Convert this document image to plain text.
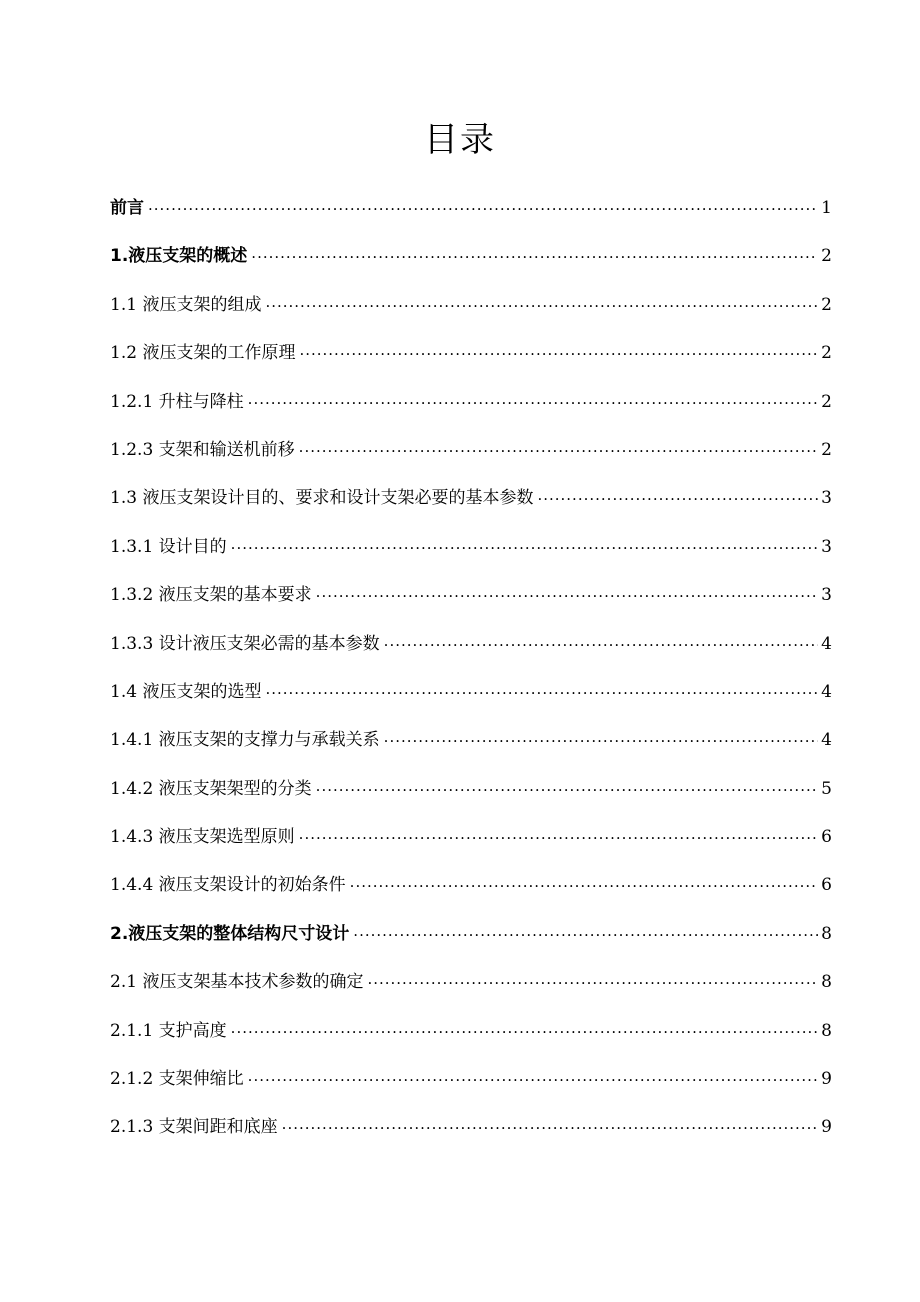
目录
前言 .....	1
1.液压支架的概述 .....	2
1.1 液压支架的组成 .....	2
1.2 液压支架的工作原理 .....	2
1.2.1 升柱与降柱 .....	2
1.2.3 支架和输送机前移 .....	2
1.3 液压支架设计目的、要求和设计支架必要的基本参数 .....	3
1.3.1 设计目的 .....	3
1.3.2 液压支架的基本要求 .....	3
1.3.3 设计液压支架必需的基本参数 .....	4
1.4 液压支架的选型 .....	4
1.4.1 液压支架的支撑力与承载关系 .....	4
1.4.2 液压支架架型的分类 .....	5
1.4.3 液压支架选型原则 .....	6
1.4.4 液压支架设计的初始条件 .....	6
2.液压支架的整体结构尺寸设计 .....	8
2.1 液压支架基本技术参数的确定 .....	8
2.1.1 支护高度 .....	8
2.1.2 支架伸缩比 .....	9
2.1.3 支架间距和底座 .....	9
